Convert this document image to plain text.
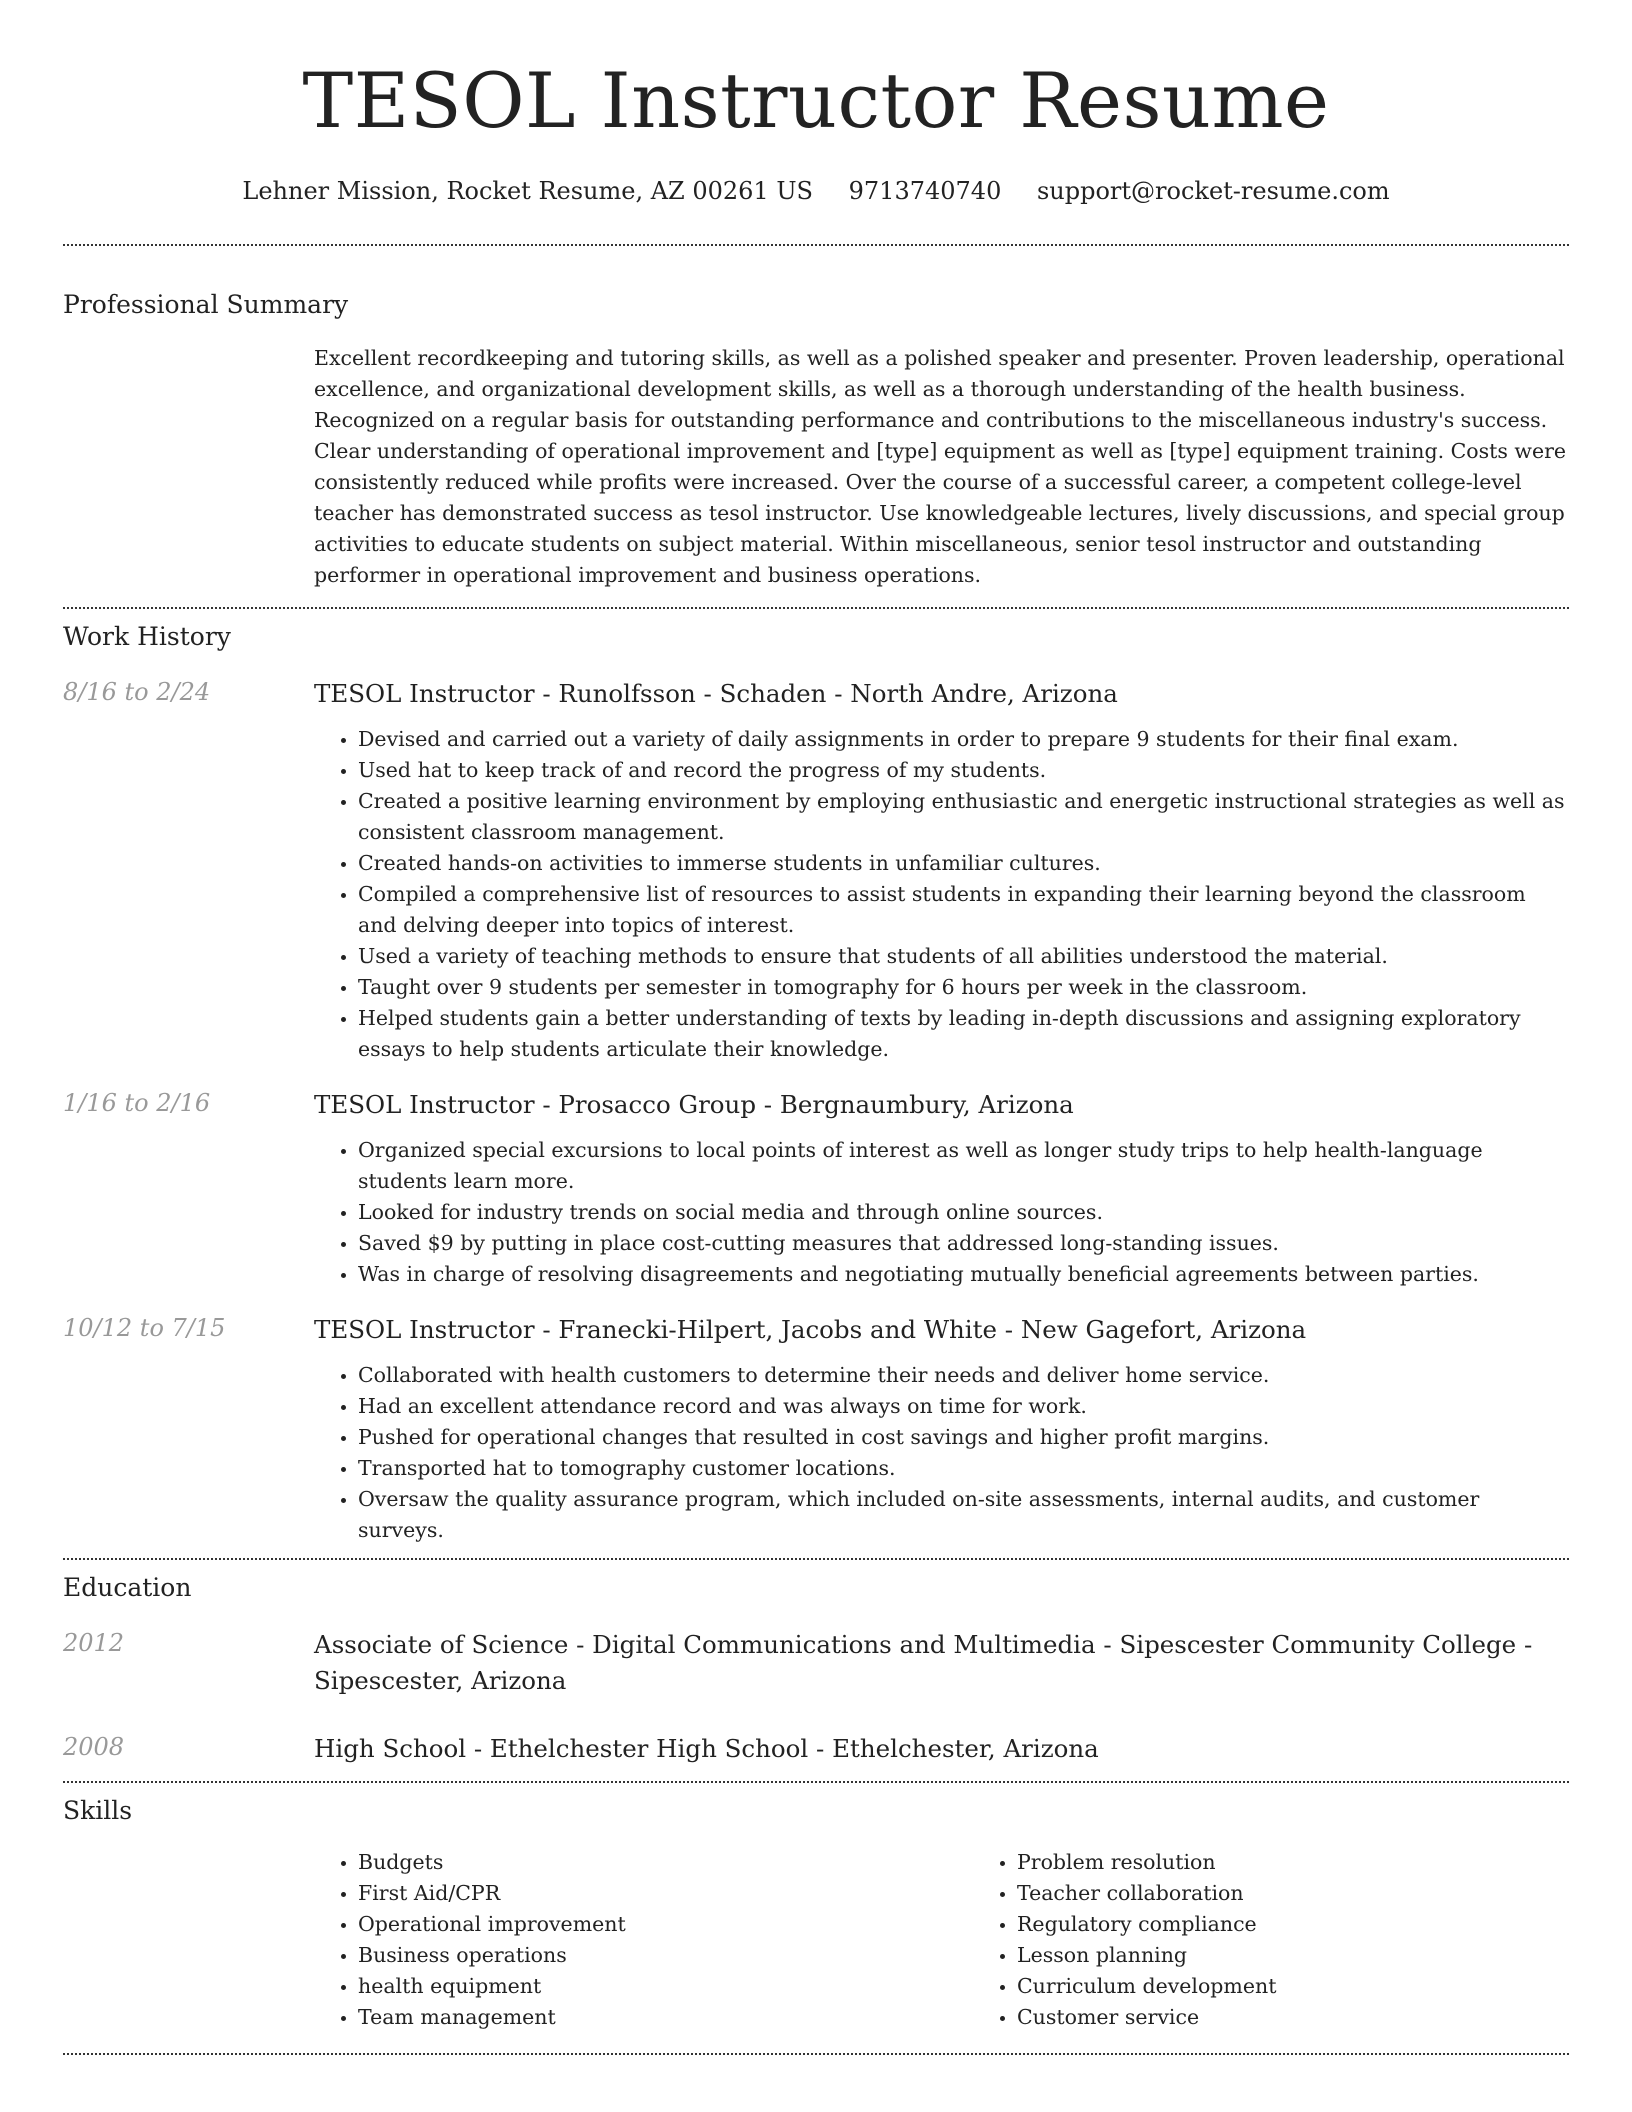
TESOL Instructor Resume
Lehner Mission, Rocket Resume, AZ 00261 US 9713740740 support@rocket-resume.com
Professional Summary

Excellent recordkeeping and tutoring skills, as well as a polished speaker and presenter. Proven leadership, operational excellence, and organizational development skills, as well as a thorough understanding of the health business. Recognized on a regular basis for outstanding performance and contributions to the miscellaneous industry's success. Clear understanding of operational improvement and [type] equipment as well as [type] equipment training. Costs were consistently reduced while profits were increased. Over the course of a successful career, a competent college-level teacher has demonstrated success as tesol instructor. Use knowledgeable lectures, lively discussions, and special group activities to educate students on subject material. Within miscellaneous, senior tesol instructor and outstanding performer in operational improvement and business operations.

Work History
8/16 to 2/24	TESOL Instructor - Runolfsson - Schaden - North Andre, Arizona
• Devised and carried out a variety of daily assignments in order to prepare 9 students for their final exam.
• Used hat to keep track of and record the progress of my students.
• Created a positive learning environment by employing enthusiastic and energetic instructional strategies as well as consistent classroom management.
• Created hands-on activities to immerse students in unfamiliar cultures.
• Compiled a comprehensive list of resources to assist students in expanding their learning beyond the classroom and delving deeper into topics of interest.
• Used a variety of teaching methods to ensure that students of all abilities understood the material.
• Taught over 9 students per semester in tomography for 6 hours per week in the classroom.
• Helped students gain a better understanding of texts by leading in-depth discussions and assigning exploratory essays to help students articulate their knowledge.
1/16 to 2/16	TESOL Instructor - Prosacco Group - Bergnaumbury, Arizona
• Organized special excursions to local points of interest as well as longer study trips to help health-language students learn more.
• Looked for industry trends on social media and through online sources.
• Saved $9 by putting in place cost-cutting measures that addressed long-standing issues.
• Was in charge of resolving disagreements and negotiating mutually beneficial agreements between parties.
10/12 to 7/15	TESOL Instructor - Franecki-Hilpert, Jacobs and White - New Gagefort, Arizona
• Collaborated with health customers to determine their needs and deliver home service.
• Had an excellent attendance record and was always on time for work.
• Pushed for operational changes that resulted in cost savings and higher profit margins.
• Transported hat to tomography customer locations.
• Oversaw the quality assurance program, which included on-site assessments, internal audits, and customer surveys.
Education
2012	Associate of Science - Digital Communications and Multimedia - Sipescester Community College - Sipescester, Arizona
2008	High School - Ethelchester High School - Ethelchester, Arizona
Skills
• Budgets
• First Aid/CPR
• Operational improvement
• Business operations
• health equipment
• Team management
• Problem resolution
• Teacher collaboration
• Regulatory compliance
• Lesson planning
• Curriculum development
• Customer service
